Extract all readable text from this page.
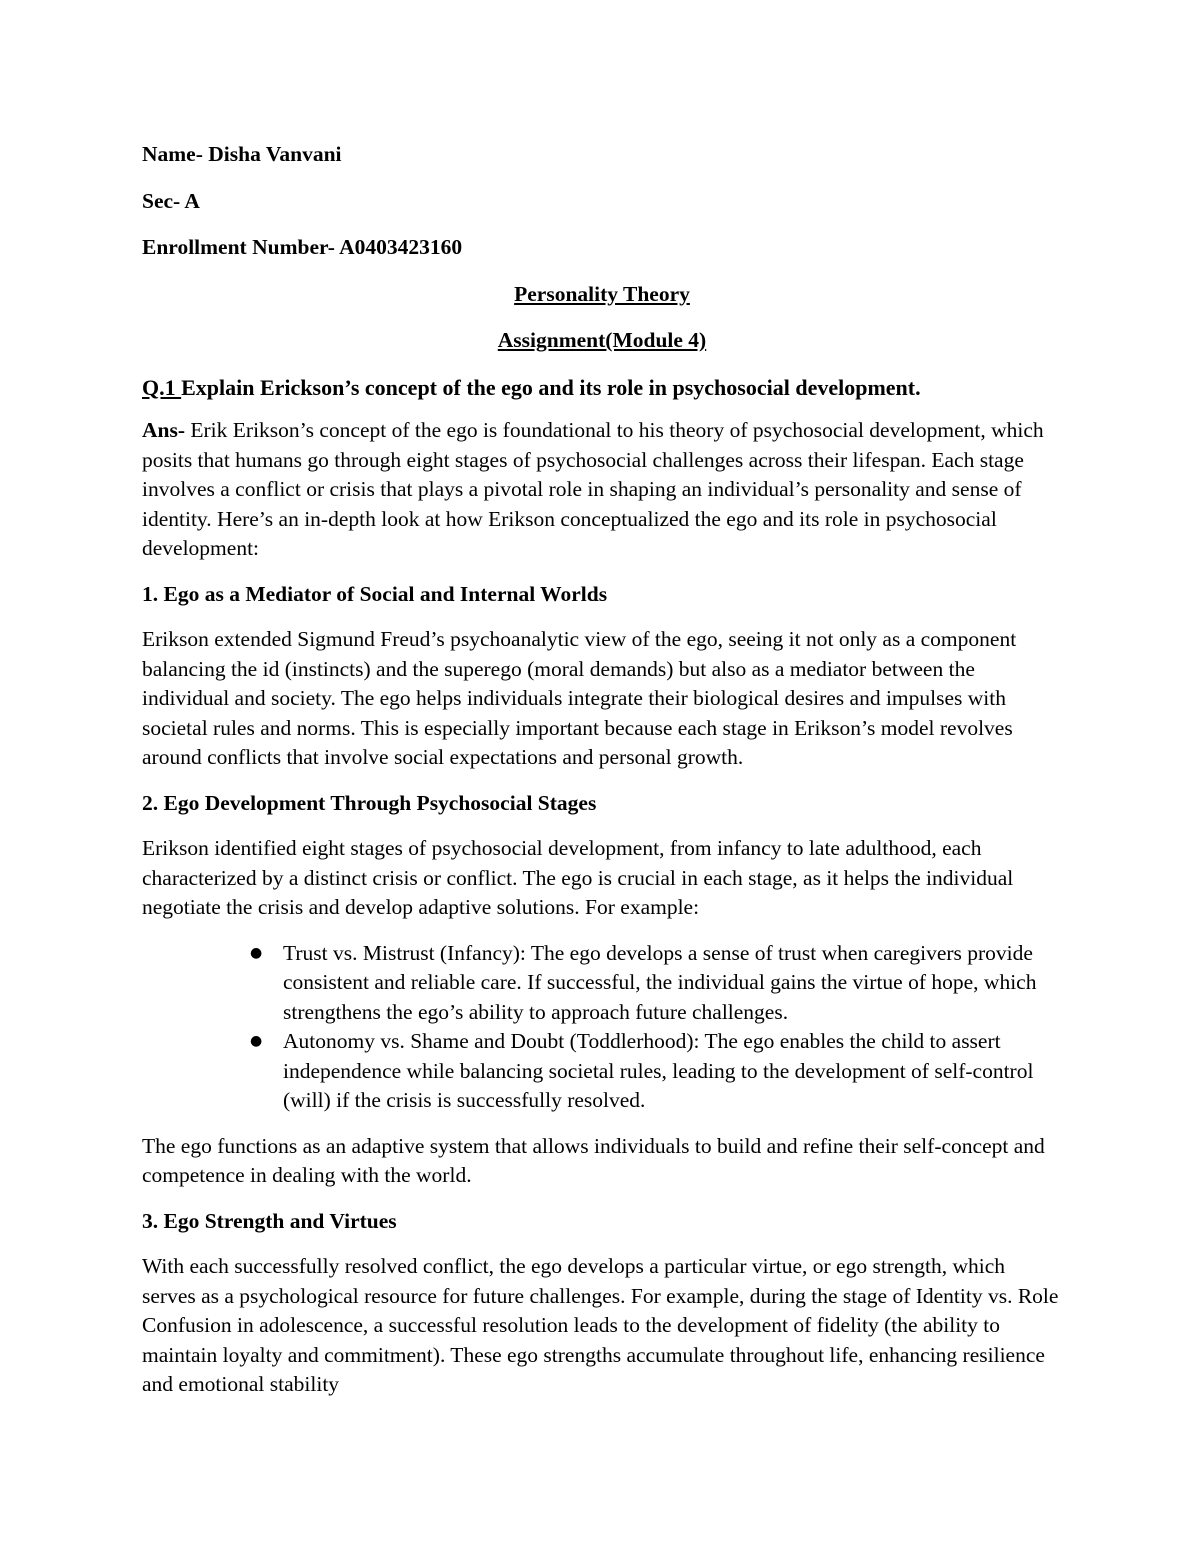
Name- Disha Vanvani

Sec- A

Enrollment Number- A0403423160

Personality Theory

Assignment(Module 4)

Q.1 Explain Erickson’s concept of the ego and its role in psychosocial development.

Ans- Erik Erikson’s concept of the ego is foundational to his theory of psychosocial development, which posits that humans go through eight stages of psychosocial challenges across their lifespan. Each stage involves a conflict or crisis that plays a pivotal role in shaping an individual’s personality and sense of identity. Here’s an in-depth look at how Erikson conceptualized the ego and its role in psychosocial development:

1. Ego as a Mediator of Social and Internal Worlds

Erikson extended Sigmund Freud’s psychoanalytic view of the ego, seeing it not only as a component balancing the id (instincts) and the superego (moral demands) but also as a mediator between the individual and society. The ego helps individuals integrate their biological desires and impulses with societal rules and norms. This is especially important because each stage in Erikson’s model revolves around conflicts that involve social expectations and personal growth.

2. Ego Development Through Psychosocial Stages

Erikson identified eight stages of psychosocial development, from infancy to late adulthood, each characterized by a distinct crisis or conflict. The ego is crucial in each stage, as it helps the individual negotiate the crisis and develop adaptive solutions. For example:

● Trust vs. Mistrust (Infancy): The ego develops a sense of trust when caregivers provide consistent and reliable care. If successful, the individual gains the virtue of hope, which strengthens the ego’s ability to approach future challenges.
● Autonomy vs. Shame and Doubt (Toddlerhood): The ego enables the child to assert independence while balancing societal rules, leading to the development of self-control (will) if the crisis is successfully resolved.

The ego functions as an adaptive system that allows individuals to build and refine their self-concept and competence in dealing with the world.

3. Ego Strength and Virtues

With each successfully resolved conflict, the ego develops a particular virtue, or ego strength, which serves as a psychological resource for future challenges. For example, during the stage of Identity vs. Role Confusion in adolescence, a successful resolution leads to the development of fidelity (the ability to maintain loyalty and commitment). These ego strengths accumulate throughout life, enhancing resilience and emotional stability
